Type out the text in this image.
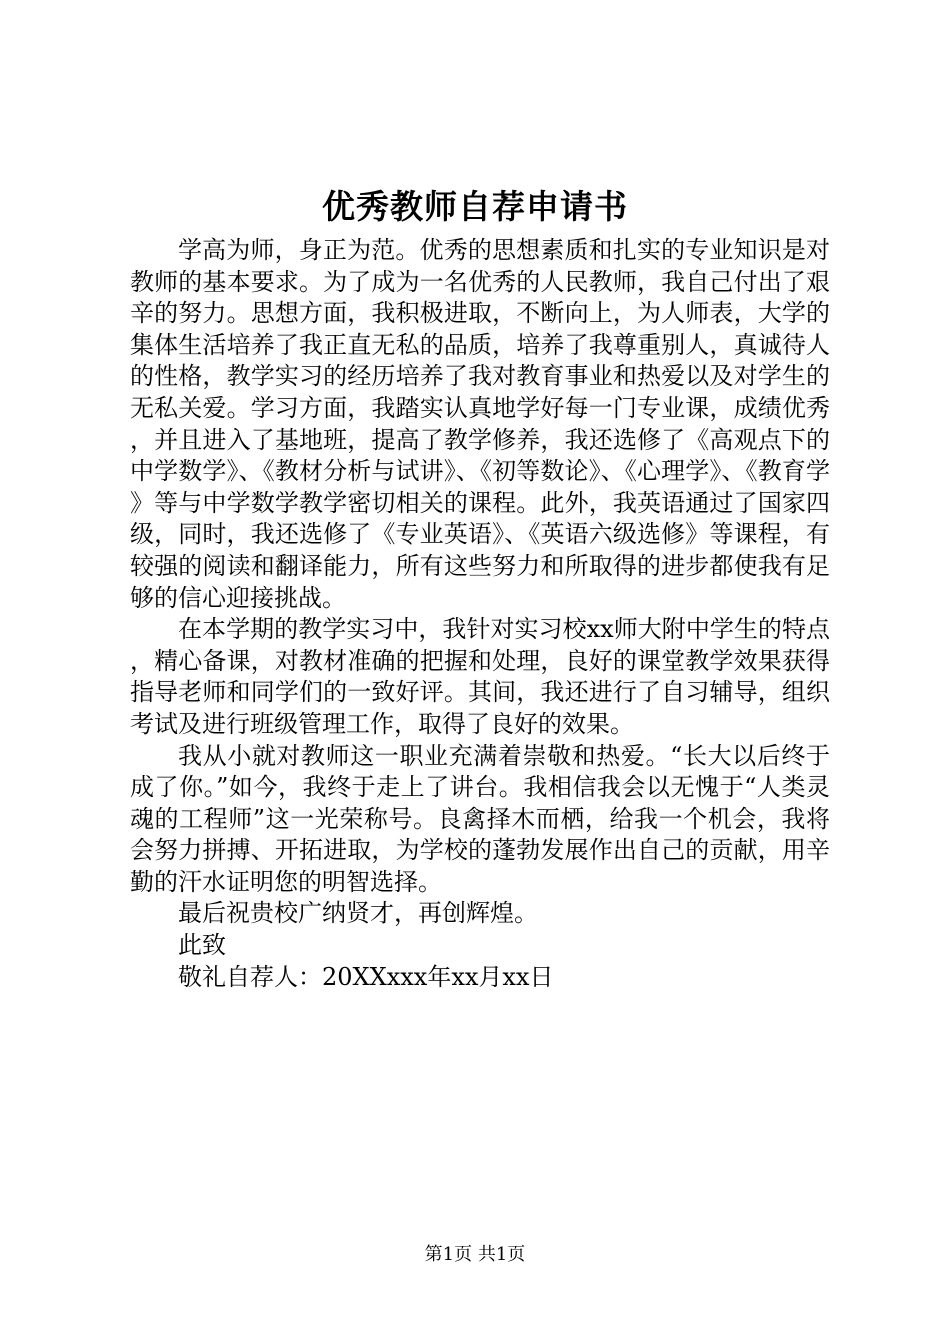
优秀教师自荐申请书

学高为师，身正为范。优秀的思想素质和扎实的专业知识是对教师的基本要求。为了成为一名优秀的人民教师，我自己付出了艰辛的努力。思想方面，我积极进取，不断向上，为人师表，大学的集体生活培养了我正直无私的品质，培养了我尊重别人，真诚待人的性格，教学实习的经历培养了我对教育事业和热爱以及对学生的无私关爱。学习方面，我踏实认真地学好每一门专业课，成绩优秀，并且进入了基地班，提高了教学修养，我还选修了《高观点下的中学数学》、《教材分析与试讲》、《初等数论》、《心理学》、《教育学》等与中学数学教学密切相关的课程。此外，我英语通过了国家四级，同时，我还选修了《专业英语》、《英语六级选修》等课程，有较强的阅读和翻译能力，所有这些努力和所取得的进步都使我有足够的信心迎接挑战。

在本学期的教学实习中，我针对实习校xx师大附中学生的特点，精心备课，对教材准确的把握和处理，良好的课堂教学效果获得指导老师和同学们的一致好评。其间，我还进行了自习辅导，组织考试及进行班级管理工作，取得了良好的效果。

我从小就对教师这一职业充满着崇敬和热爱。“长大以后终于成了你。”如今，我终于走上了讲台。我相信我会以无愧于“人类灵魂的工程师”这一光荣称号。良禽择木而栖，给我一个机会，我将会努力拼搏、开拓进取，为学校的蓬勃发展作出自己的贡献，用辛勤的汗水证明您的明智选择。

最后祝贵校广纳贤才，再创辉煌。

此致

敬礼自荐人：20XXxxx年xx月xx日

第1页 共1页
